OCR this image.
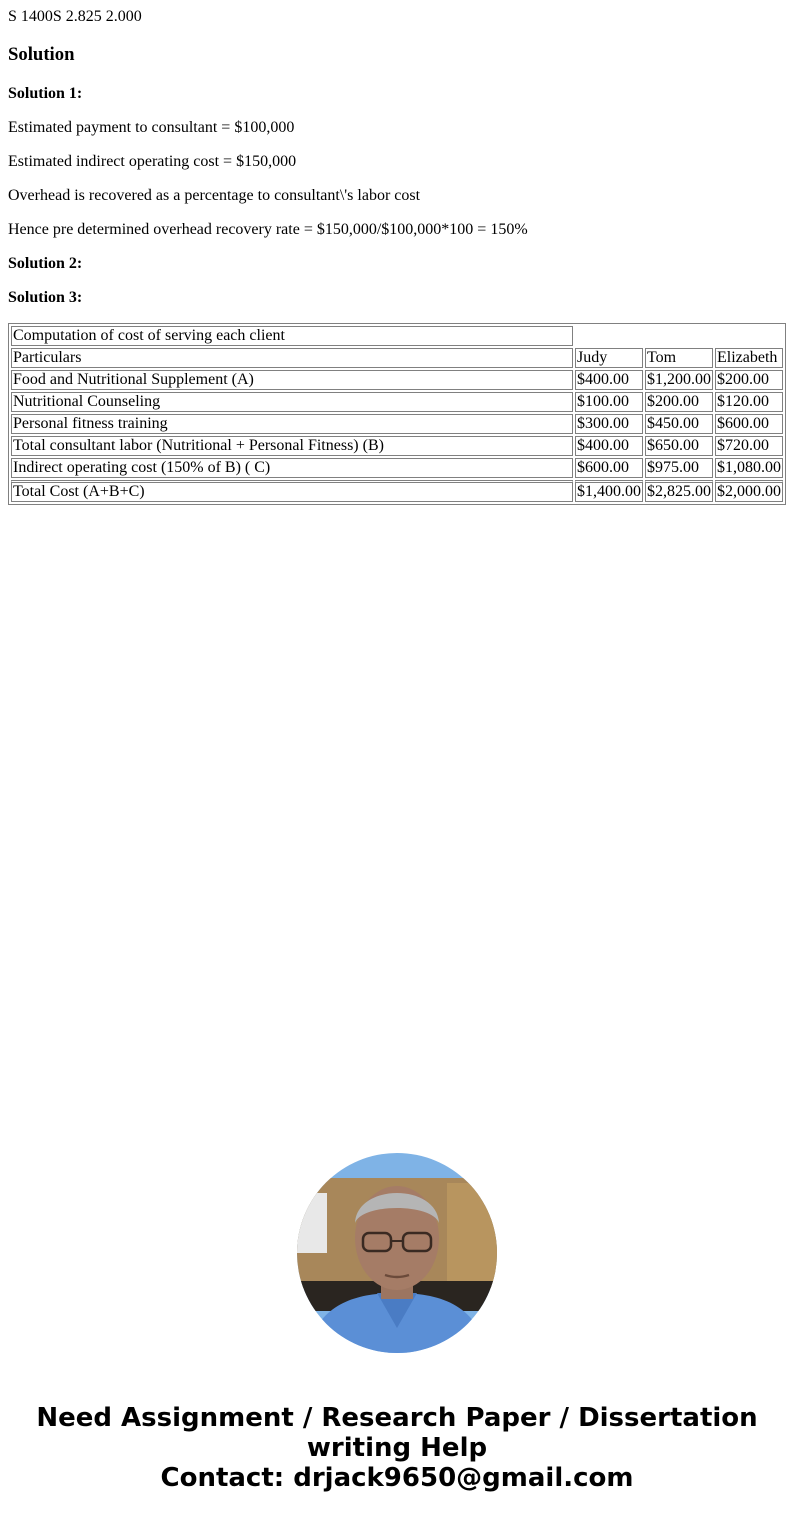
S 1400S 2.825 2.000
Solution
Solution 1:
Estimated payment to consultant = $100,000
Estimated indirect operating cost = $150,000
Overhead is recovered as a percentage to consultant\'s labor cost
Hence pre determined overhead recovery rate = $150,000/$100,000*100 = 150%
Solution 2:
Solution 3:
Computation of cost of serving each client			
Particulars	Judy	Tom	Elizabeth
Food and Nutritional Supplement (A)	$400.00	$1,200.00	$200.00
Nutritional Counseling	$100.00	$200.00	$120.00
Personal fitness training	$300.00	$450.00	$600.00
Total consultant labor (Nutritional + Personal Fitness) (B)	$400.00	$650.00	$720.00
Indirect operating cost (150% of B) ( C)	$600.00	$975.00	$1,080.00
Total Cost (A+B+C)	$1,400.00	$2,825.00	$2,000.00
Need Assignment / Research Paper / Dissertation
writing Help
Contact: drjack9650@gmail.com
